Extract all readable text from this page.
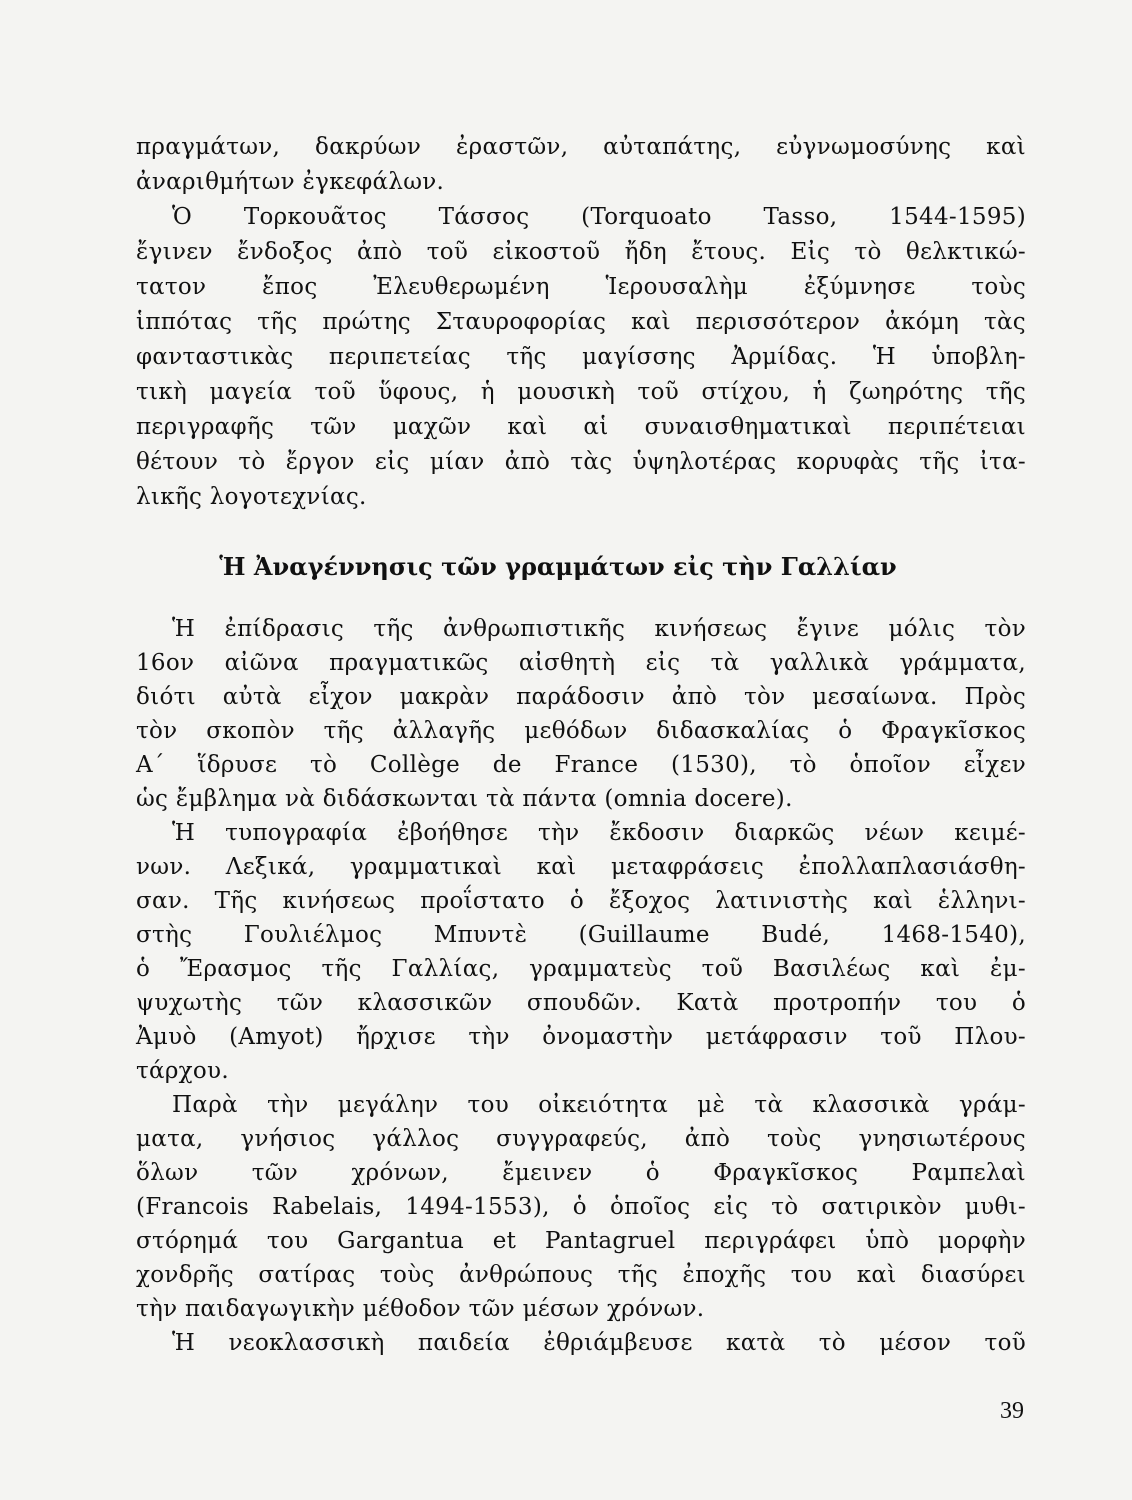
πραγμάτων, δακρύων ἐραστῶν, αὐταπάτης, εὐγνωμοσύνης καὶ
ἀναριθμήτων ἐγκεφάλων.
Ὁ Τορκουᾶτος Τάσσος (Torquoato Tasso, 1544-1595)
ἔγινεν ἔνδοξος ἀπὸ τοῦ εἰκοστοῦ ἤδη ἔτους. Εἰς τὸ θελκτικώ-
τατον ἔπος Ἐλευθερωμένη Ἱερουσαλὴμ ἐξύμνησε τοὺς
ἱππότας τῆς πρώτης Σταυροφορίας καὶ περισσότερον ἀκόμη τὰς
φανταστικὰς περιπετείας τῆς μαγίσσης Ἀρμίδας. Ἡ ὑποβλη-
τικὴ μαγεία τοῦ ὕφους, ἡ μουσικὴ τοῦ στίχου, ἡ ζωηρότης τῆς
περιγραφῆς τῶν μαχῶν καὶ αἱ συναισθηματικαὶ περιπέτειαι
θέτουν τὸ ἔργον εἰς μίαν ἀπὸ τὰς ὑψηλοτέρας κορυφὰς τῆς ἰτα-
λικῆς λογοτεχνίας.
Ἡ Ἀναγέννησις τῶν γραμμάτων εἰς τὴν Γαλλίαν
Ἡ ἐπίδρασις τῆς ἀνθρωπιστικῆς κινήσεως ἔγινε μόλις τὸν
16ον αἰῶνα πραγματικῶς αἰσθητὴ εἰς τὰ γαλλικὰ γράμματα,
διότι αὐτὰ εἶχον μακρὰν παράδοσιν ἀπὸ τὸν μεσαίωνα. Πρὸς
τὸν σκοπὸν τῆς ἀλλαγῆς μεθόδων διδασκαλίας ὁ Φραγκῖσκος
Α΄ ἵδρυσε τὸ Collège de France (1530), τὸ ὁποῖον εἶχεν
ὡς ἔμβλημα νὰ διδάσκωνται τὰ πάντα (omnia docere).
Ἡ τυπογραφία ἐβοήθησε τὴν ἔκδοσιν διαρκῶς νέων κειμέ-
νων. Λεξικά, γραμματικαὶ καὶ μεταφράσεις ἐπολλαπλασιάσθη-
σαν. Τῆς κινήσεως προΐστατο ὁ ἔξοχος λατινιστὴς καὶ ἑλληνι-
στὴς Γουλιέλμος Μπυντὲ (Guillaume Budé, 1468-1540),
ὁ Ἔρασμος τῆς Γαλλίας, γραμματεὺς τοῦ Βασιλέως καὶ ἐμ-
ψυχωτὴς τῶν κλασσικῶν σπουδῶν. Κατὰ προτροπήν του ὁ
Ἀμυὸ (Amyot) ἤρχισε τὴν ὀνομαστὴν μετάφρασιν τοῦ Πλου-
τάρχου.
Παρὰ τὴν μεγάλην του οἰκειότητα μὲ τὰ κλασσικὰ γράμ-
ματα, γνήσιος γάλλος συγγραφεύς, ἀπὸ τοὺς γνησιωτέρους
ὅλων τῶν χρόνων, ἔμεινεν ὁ Φραγκῖσκος Ραμπελαὶ
(Francois Rabelais, 1494-1553), ὁ ὁποῖος εἰς τὸ σατιρικὸν μυθι-
στόρημά του Gargantua et Pantagruel περιγράφει ὑπὸ μορφὴν
χονδρῆς σατίρας τοὺς ἀνθρώπους τῆς ἐποχῆς του καὶ διασύρει
τὴν παιδαγωγικὴν μέθοδον τῶν μέσων χρόνων.
Ἡ νεοκλασσικὴ παιδεία ἐθριάμβευσε κατὰ τὸ μέσον τοῦ
39
